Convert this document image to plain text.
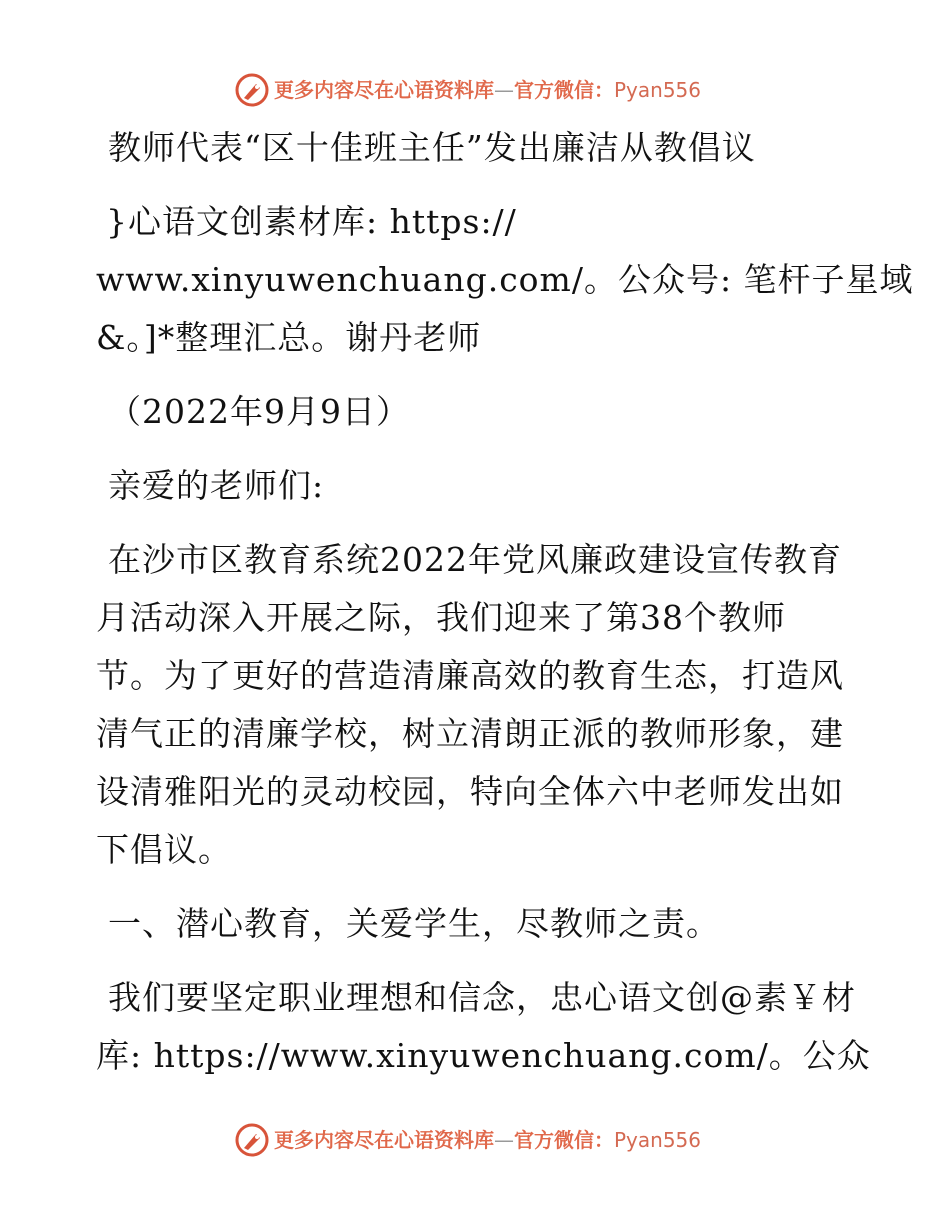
更多内容尽在心语资料库—官方微信：Pyan556
教师代表“区十佳班主任”发出廉洁从教倡议
}心语文创素材库: https://
www.xinyuwenchuang.com/。公众号: 笔杆子星域
&。]*整理汇总。谢丹老师
（2022年9月9日）
亲爱的老师们:
在沙市区教育系统2022年党风廉政建设宣传教育
月活动深入开展之际，我们迎来了第38个教师
节。为了更好的营造清廉高效的教育生态，打造风
清气正的清廉学校，树立清朗正派的教师形象，建
设清雅阳光的灵动校园，特向全体六中老师发出如
下倡议。
一、潜心教育，关爱学生，尽教师之责。
我们要坚定职业理想和信念，忠心语文创@素￥材
库: https://www.xinyuwenchuang.com/。公众
更多内容尽在心语资料库—官方微信：Pyan556
